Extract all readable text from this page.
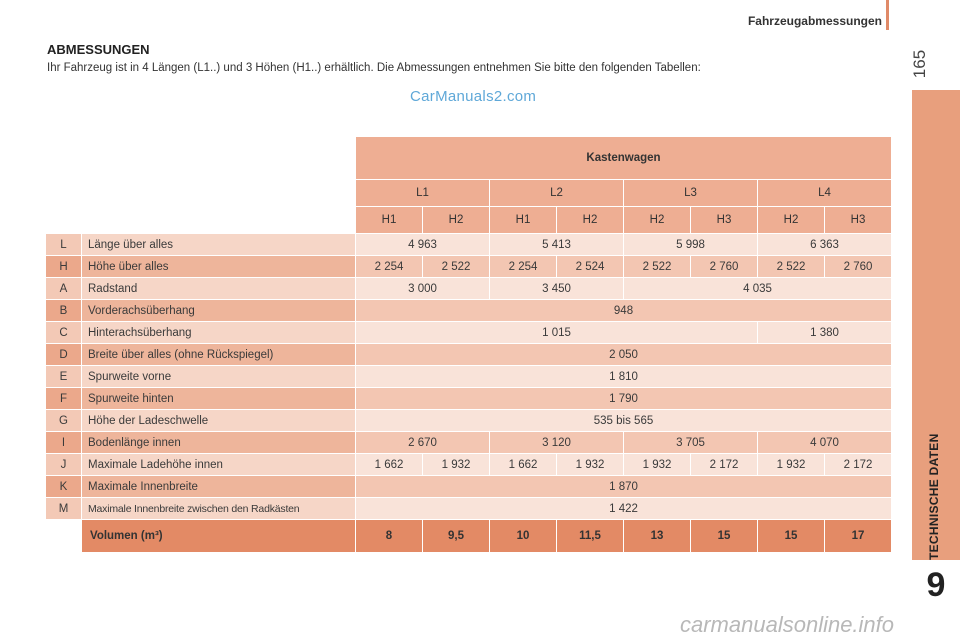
Fahrzeugabmessungen
165
TECHNISCHE DATEN
9
ABMESSUNGEN
Ihr Fahrzeug ist in 4 Längen (L1..) und 3 Höhen (H1..) erhältlich. Die Abmessungen entnehmen Sie bitte den folgenden Tabellen:
CarManuals2.com
carmanualsonline.info
		Kastenwagen							
		L1		L2		L3		L4	
		H1	H2	H1	H2	H2	H3	H2	H3
L	Länge über alles	4 963		5 413		5 998		6 363	
H	Höhe über alles	2 254	2 522	2 254	2 524	2 522	2 760	2 522	2 760
A	Radstand	3 000		3 450		4 035			
B	Vorderachsüberhang	948							
C	Hinterachsüberhang	1 015						1 380	
D	Breite über alles (ohne Rückspiegel)	2 050							
E	Spurweite vorne	1 810							
F	Spurweite hinten	1 790							
G	Höhe der Ladeschwelle	535 bis 565							
I	Bodenlänge innen	2 670		3 120		3 705		4 070	
J	Maximale Ladehöhe innen	1 662	1 932	1 662	1 932	1 932	2 172	1 932	2 172
K	Maximale Innenbreite	1 870							
M	Maximale Innenbreite zwischen den Radkästen	1 422							
	Volumen (m³)	8	9,5	10	11,5	13	15	15	17
